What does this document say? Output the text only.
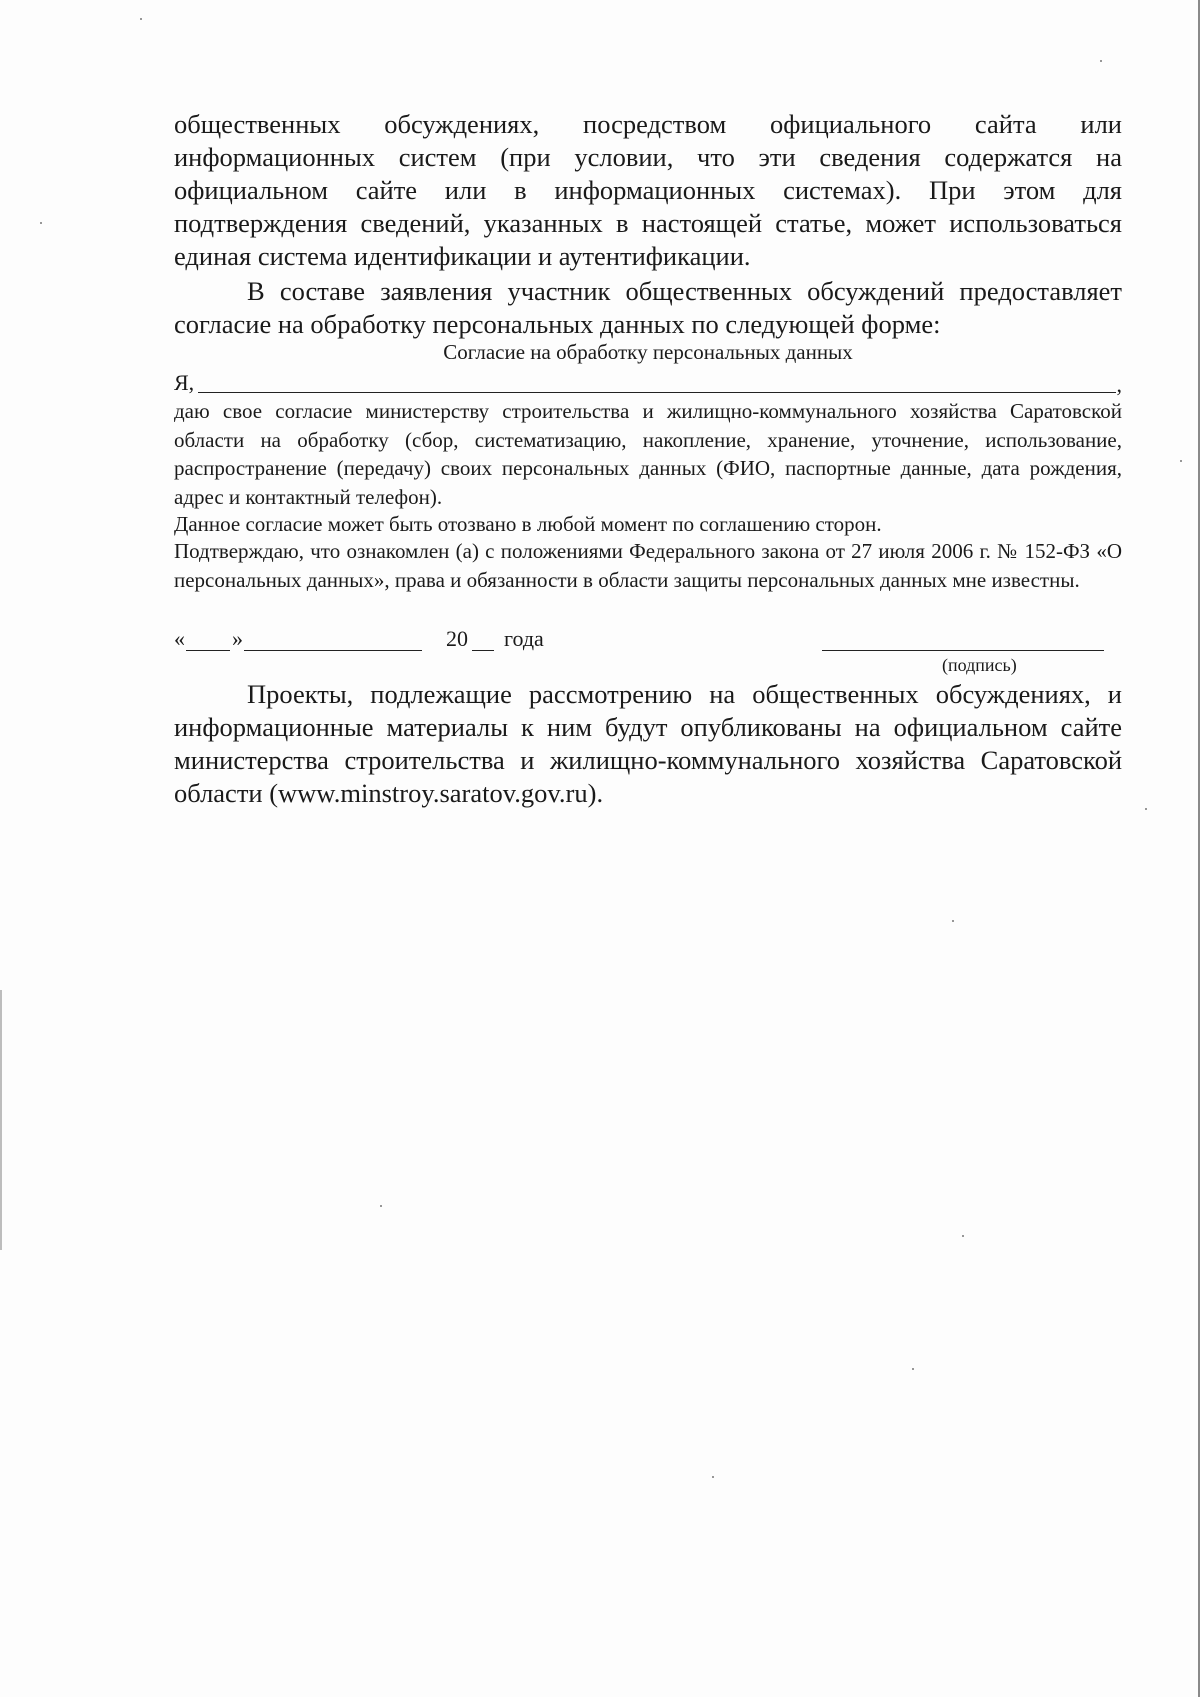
общественных обсуждениях, посредством официального сайта или информационных систем (при условии, что эти сведения содержатся на официальном сайте или в информационных системах). При этом для подтверждения сведений, указанных в настоящей статье, может использоваться единая система идентификации и аутентификации.

В составе заявления участник общественных обсуждений предоставляет согласие на обработку персональных данных по следующей форме:

Согласие на обработку персональных данных
Я,	,

даю свое согласие министерству строительства и жилищно-коммунального хозяйства Саратовской области на обработку (сбор, систематизацию, накопление, хранение, уточнение, использование, распространение (передачу) своих персональных данных (ФИО, паспортные данные, дата рождения, адрес и контактный телефон).

Данное согласие может быть отозвано в любой момент по соглашению сторон.

Подтверждаю, что ознакомлен (а) с положениями Федерального закона от 27 июля 2006 г. № 152-ФЗ «О персональных данных», права и обязанности в области защиты персональных данных мне известны.

« »	20 года
(подпись)

Проекты, подлежащие рассмотрению на общественных обсуждениях, и информационные материалы к ним будут опубликованы на официальном сайте министерства строительства и жилищно-коммунального хозяйства Саратовской области (www.minstroy.saratov.gov.ru).
